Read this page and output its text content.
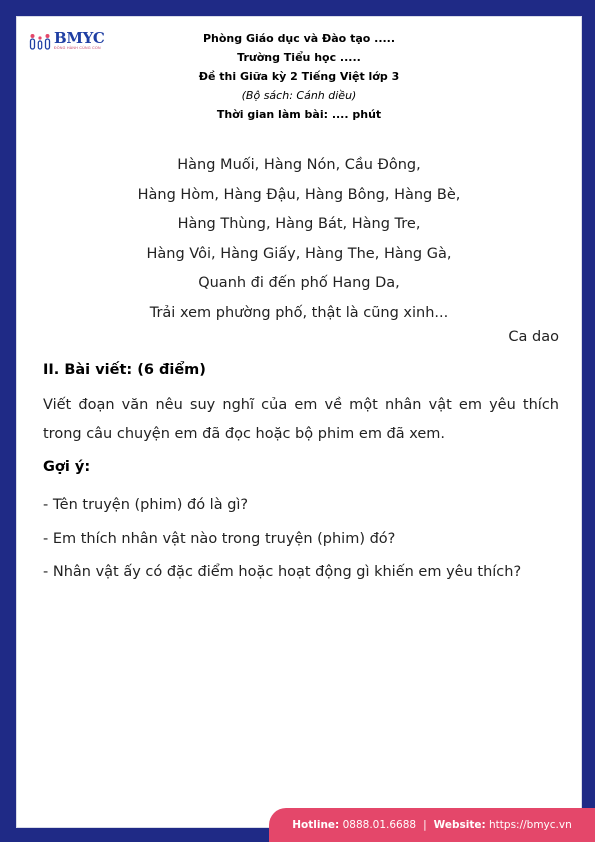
BMYC
ĐỒNG HÀNH CÙNG CON
Phòng Giáo dục và Đào tạo .....
Trường Tiểu học .....
Đề thi Giữa kỳ 2 Tiếng Việt lớp 3
(Bộ sách: Cánh diều)
Thời gian làm bài: .... phút
Hàng Muối, Hàng Nón, Cầu Đông,
Hàng Hòm, Hàng Đậu, Hàng Bông, Hàng Bè,
Hàng Thùng, Hàng Bát, Hàng Tre,
Hàng Vôi, Hàng Giấy, Hàng The, Hàng Gà,
Quanh đi đến phố Hang Da,
Trải xem phường phố, thật là cũng xinh...
Ca dao
II. Bài viết: (6 điểm)
Viết đoạn văn nêu suy nghĩ của em về một nhân vật em yêu thích trong câu chuyện em đã đọc hoặc bộ phim em đã xem.
Gợi ý:
- Tên truyện (phim) đó là gì?
- Em thích nhân vật nào trong truyện (phim) đó?
- Nhân vật ấy có đặc điểm hoặc hoạt động gì khiến em yêu thích?
Hotline:
0888.01.6688 | Website:
https://bmyc.vn
